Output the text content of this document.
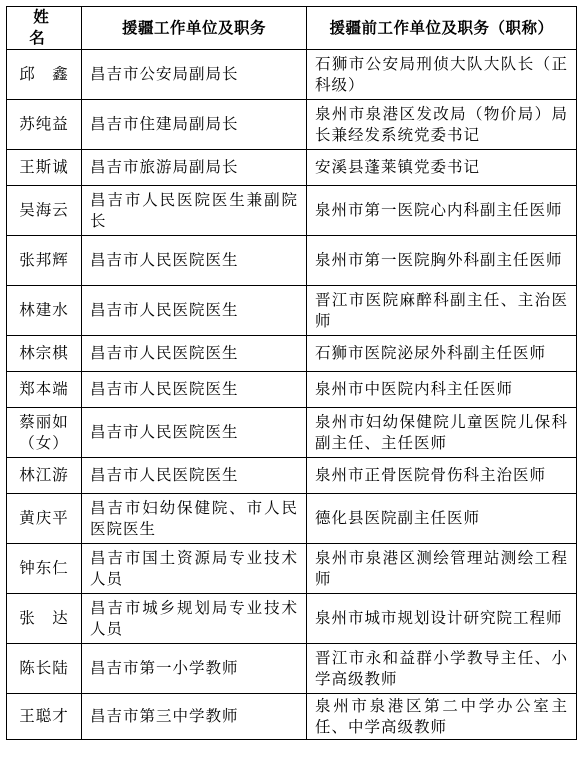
姓名	援疆工作单位及职务	援疆前工作单位及职务（职称）
邱　鑫	昌吉市公安局副局长	石狮市公安局刑侦大队大队长（正科级）
苏纯益	昌吉市住建局副局长	泉州市泉港区发改局（物价局）局长兼经发系统党委书记
王斯诚	昌吉市旅游局副局长	安溪县蓬莱镇党委书记
吴海云	昌吉市人民医院医生兼副院长	泉州市第一医院心内科副主任医师
张邦辉	昌吉市人民医院医生	泉州市第一医院胸外科副主任医师
林建水	昌吉市人民医院医生	晋江市医院麻醉科副主任、主治医师
林宗棋	昌吉市人民医院医生	石狮市医院泌尿外科副主任医师
郑本端	昌吉市人民医院医生	泉州市中医院内科主任医师
蔡丽如（女）	昌吉市人民医院医生	泉州市妇幼保健院儿童医院儿保科副主任、主任医师
林江游	昌吉市人民医院医生	泉州市正骨医院骨伤科主治医师
黄庆平	昌吉市妇幼保健院、市人民医院医生	德化县医院副主任医师
钟东仁	昌吉市国土资源局专业技术人员	泉州市泉港区测绘管理站测绘工程师
张　达	昌吉市城乡规划局专业技术人员	泉州市城市规划设计研究院工程师
陈长陆	昌吉市第一小学教师	晋江市永和益群小学教导主任、小学高级教师
王聪才	昌吉市第三中学教师	泉州市泉港区第二中学办公室主任、中学高级教师
